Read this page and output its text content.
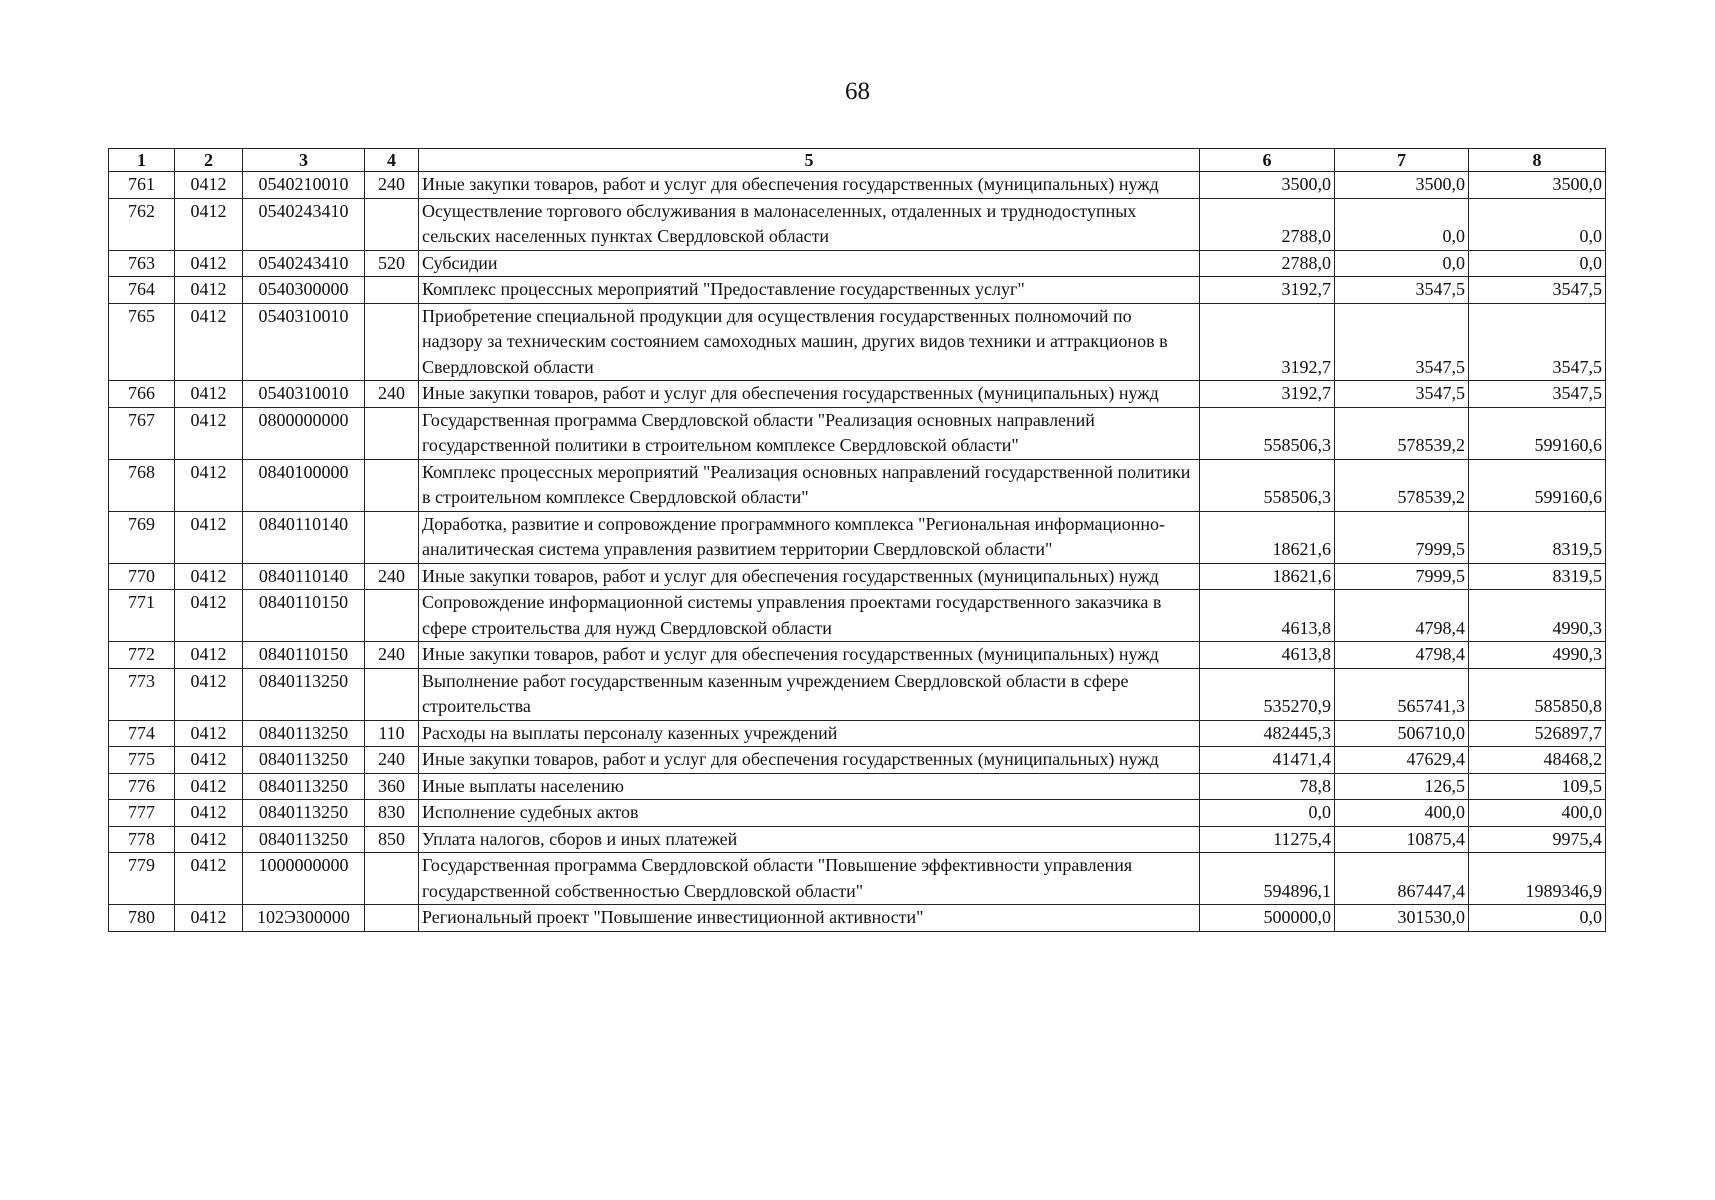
68
1	2	3	4	5	6	7	8
761	0412	0540210010	240	Иные закупки товаров, работ и услуг для обеспечения государственных (муниципальных) нужд	3500,0	3500,0	3500,0
762	0412	0540243410		Осуществление торгового обслуживания в малонаселенных, отдаленных и труднодоступных сельских населенных пунктах Свердловской области	2788,0	0,0	0,0
763	0412	0540243410	520	Субсидии	2788,0	0,0	0,0
764	0412	0540300000		Комплекс процессных мероприятий "Предоставление государственных услуг"	3192,7	3547,5	3547,5
765	0412	0540310010		Приобретение специальной продукции для осуществления государственных полномочий по надзору за техническим состоянием самоходных машин, других видов техники и аттракционов в Свердловской области	3192,7	3547,5	3547,5
766	0412	0540310010	240	Иные закупки товаров, работ и услуг для обеспечения государственных (муниципальных) нужд	3192,7	3547,5	3547,5
767	0412	0800000000		Государственная программа Свердловской области "Реализация основных направлений государственной политики в строительном комплексе Свердловской области"	558506,3	578539,2	599160,6
768	0412	0840100000		Комплекс процессных мероприятий "Реализация основных направлений государственной политики в строительном комплексе Свердловской области"	558506,3	578539,2	599160,6
769	0412	0840110140		Доработка, развитие и сопровождение программного комплекса "Региональная информационно-аналитическая система управления развитием территории Свердловской области"	18621,6	7999,5	8319,5
770	0412	0840110140	240	Иные закупки товаров, работ и услуг для обеспечения государственных (муниципальных) нужд	18621,6	7999,5	8319,5
771	0412	0840110150		Сопровождение информационной системы управления проектами государственного заказчика в сфере строительства для нужд Свердловской области	4613,8	4798,4	4990,3
772	0412	0840110150	240	Иные закупки товаров, работ и услуг для обеспечения государственных (муниципальных) нужд	4613,8	4798,4	4990,3
773	0412	0840113250		Выполнение работ государственным казенным учреждением Свердловской области в сфере строительства	535270,9	565741,3	585850,8
774	0412	0840113250	110	Расходы на выплаты персоналу казенных учреждений	482445,3	506710,0	526897,7
775	0412	0840113250	240	Иные закупки товаров, работ и услуг для обеспечения государственных (муниципальных) нужд	41471,4	47629,4	48468,2
776	0412	0840113250	360	Иные выплаты населению	78,8	126,5	109,5
777	0412	0840113250	830	Исполнение судебных актов	0,0	400,0	400,0
778	0412	0840113250	850	Уплата налогов, сборов и иных платежей	11275,4	10875,4	9975,4
779	0412	1000000000		Государственная программа Свердловской области "Повышение эффективности управления государственной собственностью Свердловской области"	594896,1	867447,4	1989346,9
780	0412	102Э300000		Региональный проект "Повышение инвестиционной активности"	500000,0	301530,0	0,0
